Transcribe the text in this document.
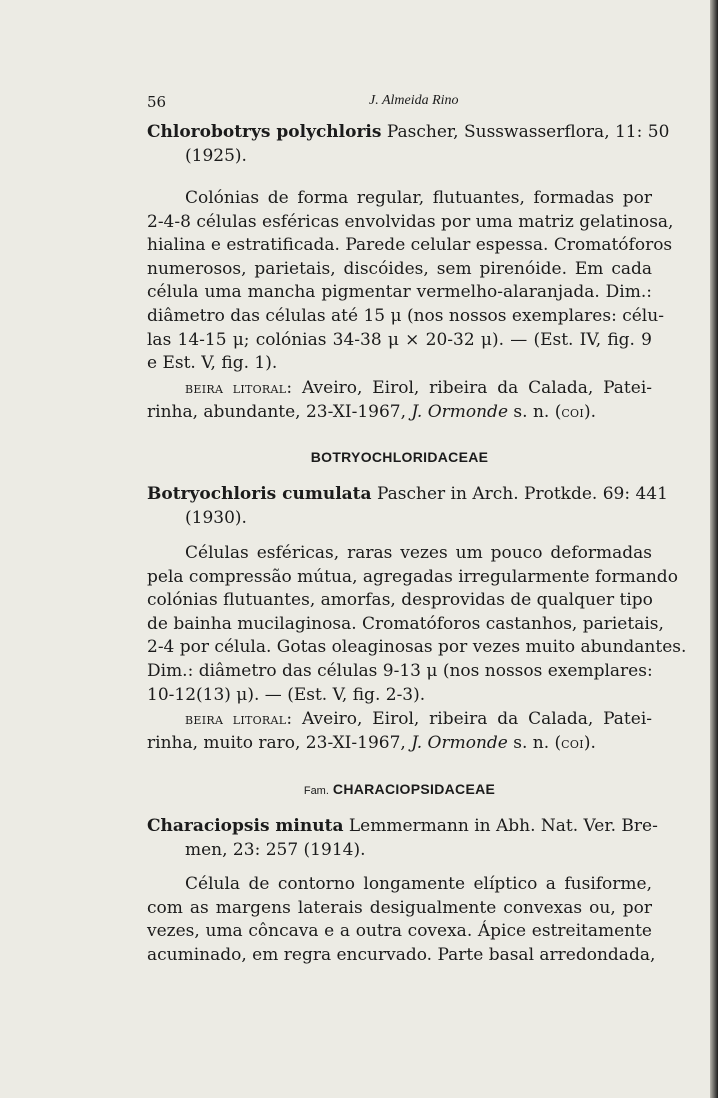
56	J. Almeida Rino
Chlorobotrys polychloris Pascher, Susswasserflora, 11: 50
(1925).
Colónias de forma regular, flutuantes, formadas por
2-4-8 células esféricas envolvidas por uma matriz gelatinosa,
hialina e estratificada. Parede celular espessa. Cromatóforos
numerosos, parietais, discóides, sem pirenóide. Em cada
célula uma mancha pigmentar vermelho-alaranjada. Dim.:
diâmetro das células até 15 μ (nos nossos exemplares: célu-
las 14-15 μ; colónias 34-38 μ × 20-32 μ). — (Est. IV, fig. 9
e Est. V, fig. 1).
beira litoral: Aveiro, Eirol, ribeira da Calada, Patei-
rinha, abundante, 23-XI-1967, J. Ormonde s. n. (coi).
BOTRYOCHLORIDACEAE
Botryochloris cumulata Pascher in Arch. Protkde. 69: 441
(1930).
Células esféricas, raras vezes um pouco deformadas
pela compressão mútua, agregadas irregularmente formando
colónias flutuantes, amorfas, desprovidas de qualquer tipo
de bainha mucilaginosa. Cromatóforos castanhos, parietais,
2-4 por célula. Gotas oleaginosas por vezes muito abundantes.
Dim.: diâmetro das células 9-13 μ (nos nossos exemplares:
10-12(13) μ). — (Est. V, fig. 2-3).
beira litoral: Aveiro, Eirol, ribeira da Calada, Patei-
rinha, muito raro, 23-XI-1967, J. Ormonde s. n. (coi).
Fam. CHARACIOPSIDACEAE
Characiopsis minuta Lemmermann in Abh. Nat. Ver. Bre-
men, 23: 257 (1914).
Célula de contorno longamente elíptico a fusiforme,
com as margens laterais desigualmente convexas ou, por
vezes, uma côncava e a outra covexa. Ápice estreitamente
acuminado, em regra encurvado. Parte basal arredondada,
